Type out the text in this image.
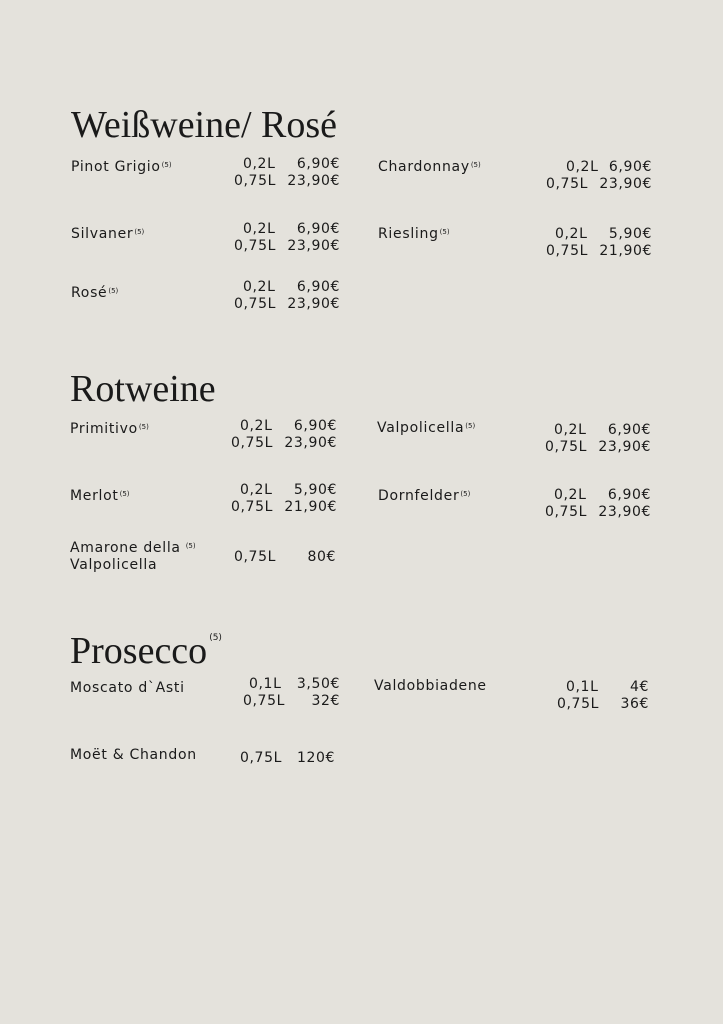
Weißweine/ Rosé
Pinot Grigio$^{(5)}$	0,2L 6,90€
0,75L 23,90€
Chardonnay$^{(5)}$	0,2L 6,90€
0,75L 23,90€
Silvaner$^{(5)}$	0,2L 6,90€
0,75L 23,90€
Riesling$^{(5)}$	0,2L 5,90€
0,75L 21,90€
Rosé$^{(5)}$	0,2L 6,90€
0,75L 23,90€
Rotweine
Primitivo$^{(5)}$	0,2L 6,90€
0,75L 23,90€
Valpolicella$^{(5)}$	0,2L 6,90€
0,75L 23,90€
Merlot$^{(5)}$	0,2L 5,90€
0,75L 21,90€
Dornfelder$^{(5)}$	0,2L 6,90€
0,75L 23,90€
Amarone della $^{(5)}$
Valpolicella	0,75L 80€
Prosecco $^{(5)}$
Moscato d`Asti	0,1L 3,50€
0,75L 32€
Valdobbiadene	0,1L 4€
0,75L 36€
Moët & Chandon	0,75L 120€
